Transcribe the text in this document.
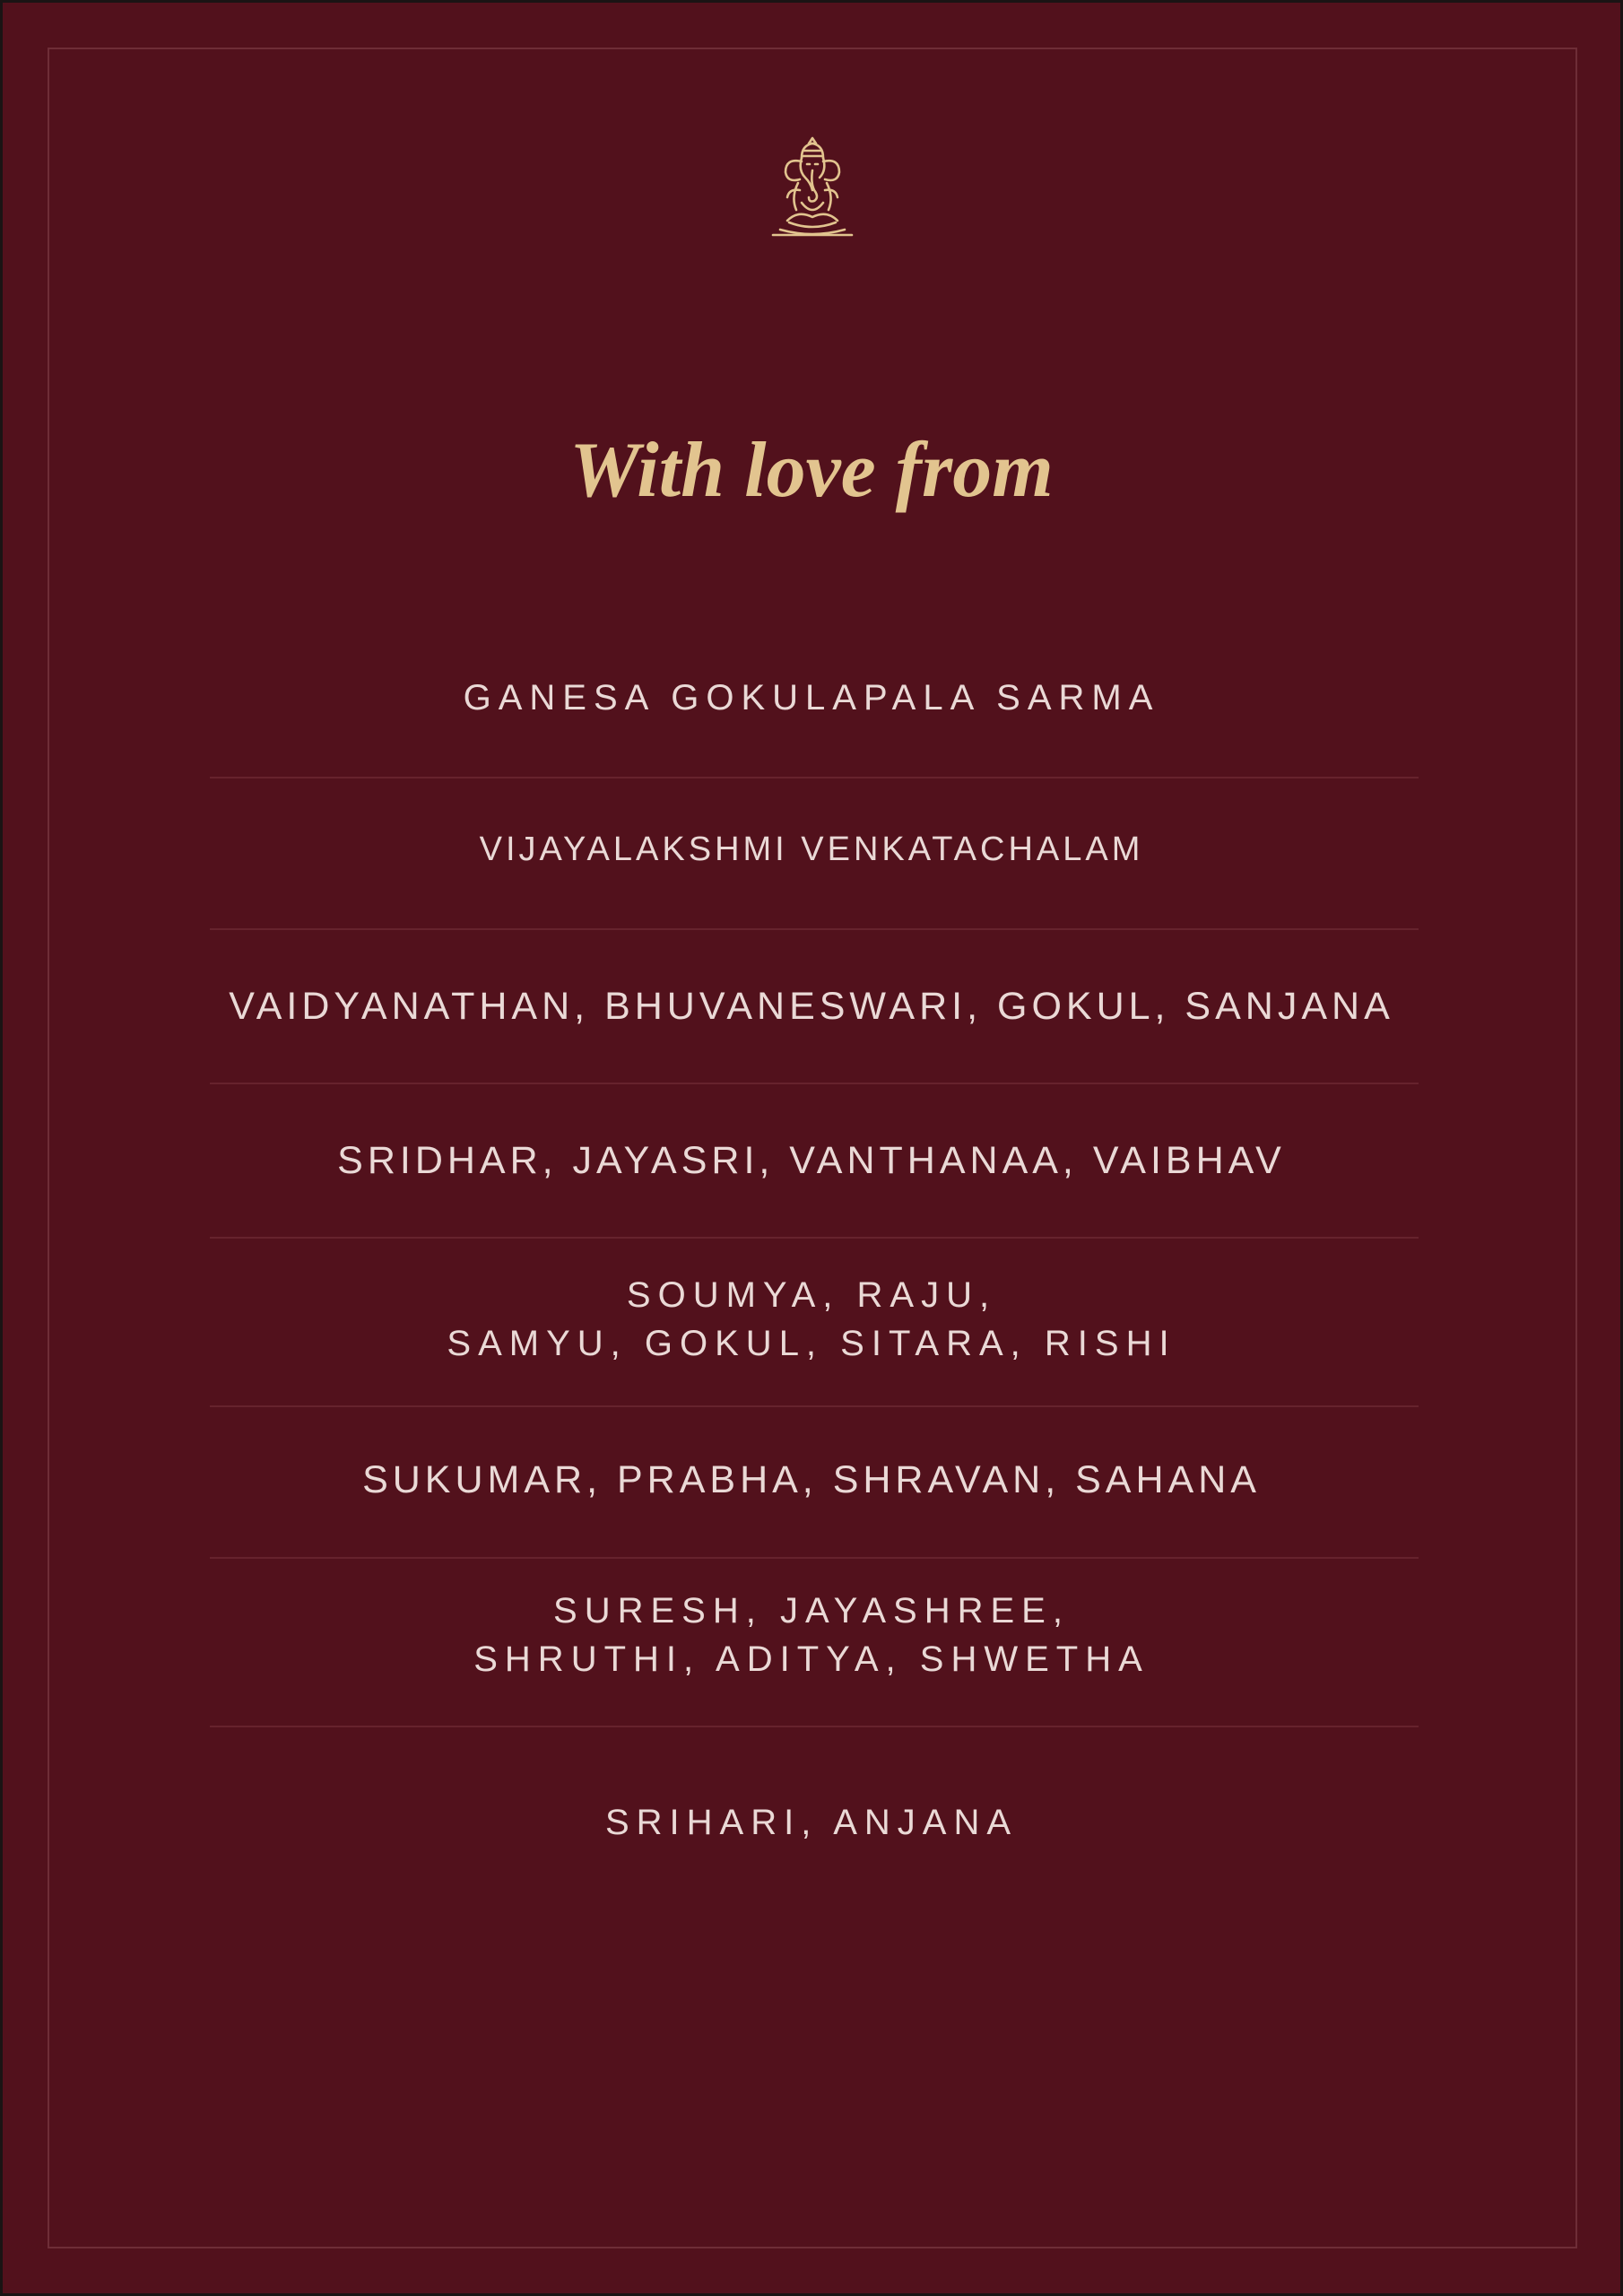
With love from
GANESA GOKULAPALA SARMA
VIJAYALAKSHMI VENKATACHALAM
VAIDYANATHAN, BHUVANESWARI, GOKUL, SANJANA
SRIDHAR, JAYASRI, VANTHANAA, VAIBHAV
SOUMYA, RAJU,
SAMYU, GOKUL, SITARA, RISHI
SUKUMAR, PRABHA, SHRAVAN, SAHANA
SURESH, JAYASHREE,
SHRUTHI, ADITYA, SHWETHA
SRIHARI, ANJANA
